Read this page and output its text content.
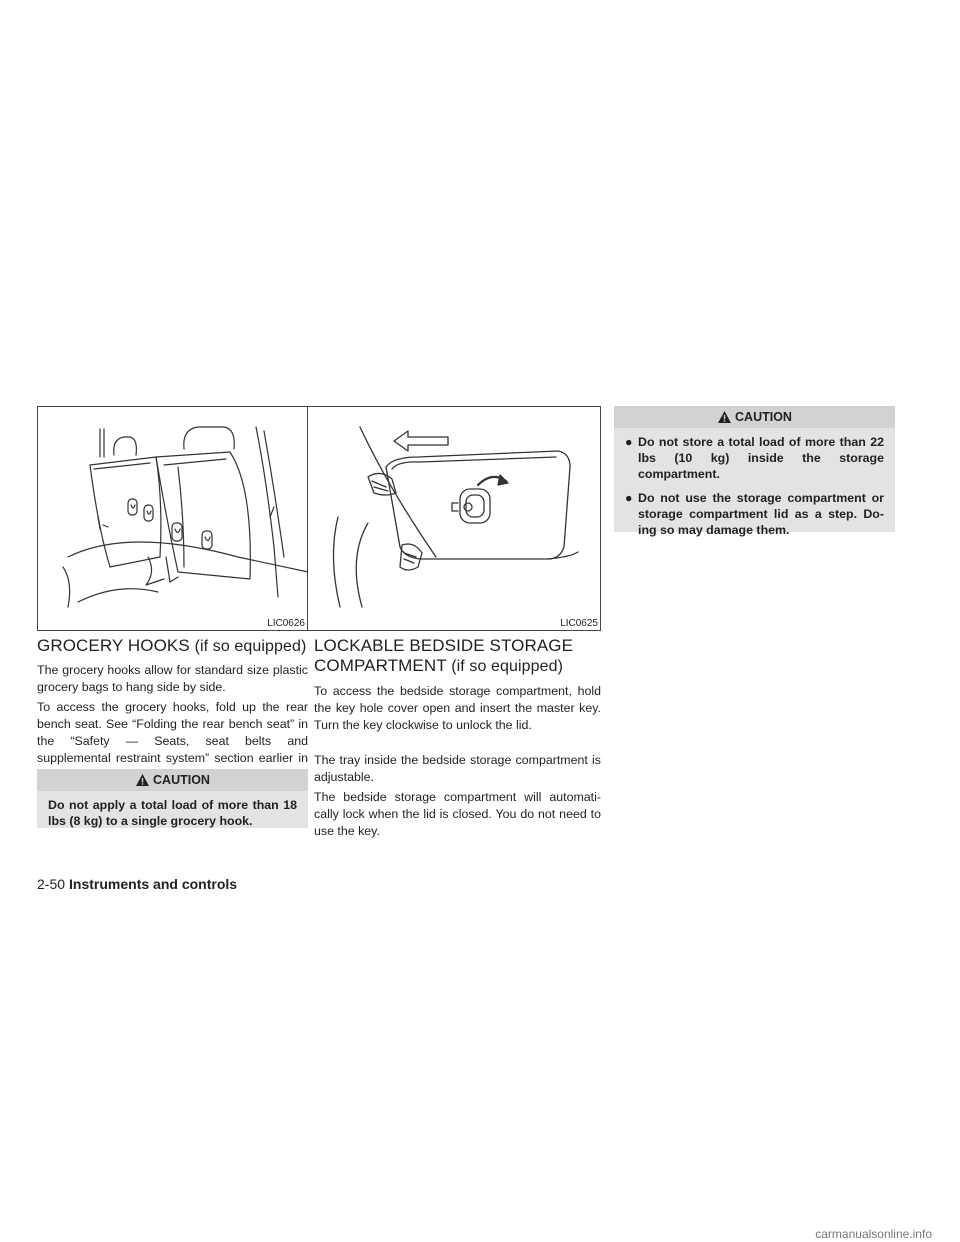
LIC0626	LIC0625
GROCERY HOOKS (if so equipped)

The grocery hooks allow for standard size plastic grocery bags to hang side by side.

To access the grocery hooks, fold up the rear bench seat. See “Folding the rear bench seat” in the “Safety — Seats, seat belts and supplemental restraint system” section earlier in

CAUTION
Do not apply a total load of more than 18 lbs (8 kg) to a single grocery hook.
LOCKABLE BEDSIDE STORAGE
COMPARTMENT (if so equipped)

To access the bedside storage compartment, hold the key hole cover open and insert the master key. Turn the key clockwise to unlock the lid.

The tray inside the bedside storage compartment is adjustable.

The bedside storage compartment will automati-cally lock when the lid is closed. You do not need to use the key.

CAUTION
● Do not store a total load of more than 22 lbs (10 kg) inside the storage compartment.
● Do not use the storage compartment or storage compartment lid as a step. Do-ing so may damage them.
2-50 Instruments and controls
carmanualsonline.info
